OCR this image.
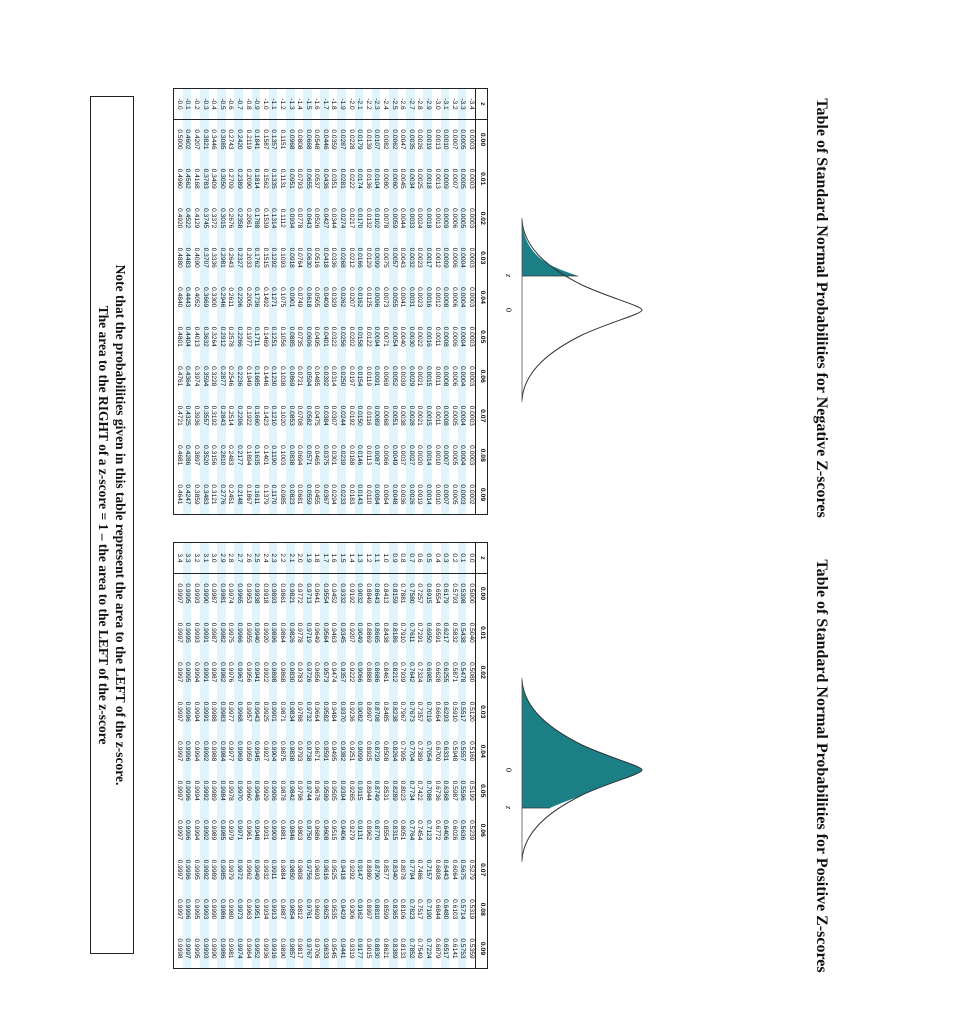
Table of Standard Normal Probabilities for Negative Z-scores
Table of Standard Normal Probabilities for Positive Z-scores
z
0
0
z
z	0.00	0.01	0.02	0.03	0.04	0.05	0.06	0.07	0.08	0.09
-3.4	0.0003	0.0003	0.0003	0.0003	0.0003	0.0003	0.0003	0.0003	0.0003	0.0002
-3.3	0.0005	0.0005	0.0005	0.0004	0.0004	0.0004	0.0004	0.0004	0.0004	0.0003
-3.2	0.0007	0.0007	0.0006	0.0006	0.0006	0.0006	0.0006	0.0005	0.0005	0.0005
-3.1	0.0010	0.0009	0.0009	0.0009	0.0008	0.0008	0.0008	0.0008	0.0007	0.0007
-3.0	0.0013	0.0013	0.0013	0.0012	0.0012	0.0011	0.0011	0.0011	0.0010	0.0010
-2.9	0.0019	0.0018	0.0018	0.0017	0.0016	0.0016	0.0015	0.0015	0.0014	0.0014
-2.8	0.0026	0.0025	0.0024	0.0023	0.0023	0.0022	0.0021	0.0021	0.0020	0.0019
-2.7	0.0035	0.0034	0.0033	0.0032	0.0031	0.0030	0.0029	0.0028	0.0027	0.0026
-2.6	0.0047	0.0045	0.0044	0.0043	0.0041	0.0040	0.0039	0.0038	0.0037	0.0036
-2.5	0.0062	0.0060	0.0059	0.0057	0.0055	0.0054	0.0052	0.0051	0.0049	0.0048
-2.4	0.0082	0.0080	0.0078	0.0075	0.0073	0.0071	0.0069	0.0068	0.0066	0.0064
-2.3	0.0107	0.0104	0.0102	0.0099	0.0096	0.0094	0.0091	0.0089	0.0087	0.0084
-2.2	0.0139	0.0136	0.0132	0.0129	0.0125	0.0122	0.0119	0.0116	0.0113	0.0110
-2.1	0.0179	0.0174	0.0170	0.0166	0.0162	0.0158	0.0154	0.0150	0.0146	0.0143
-2.0	0.0228	0.0222	0.0217	0.0212	0.0207	0.0202	0.0197	0.0192	0.0188	0.0183
-1.9	0.0287	0.0281	0.0274	0.0268	0.0262	0.0256	0.0250	0.0244	0.0239	0.0233
-1.8	0.0359	0.0351	0.0344	0.0336	0.0329	0.0322	0.0314	0.0307	0.0301	0.0294
-1.7	0.0446	0.0436	0.0427	0.0418	0.0409	0.0401	0.0392	0.0384	0.0375	0.0367
-1.6	0.0548	0.0537	0.0526	0.0516	0.0505	0.0495	0.0485	0.0475	0.0465	0.0455
-1.5	0.0668	0.0655	0.0643	0.0630	0.0618	0.0606	0.0594	0.0582	0.0571	0.0559
-1.4	0.0808	0.0793	0.0778	0.0764	0.0749	0.0735	0.0721	0.0708	0.0694	0.0681
-1.3	0.0968	0.0951	0.0934	0.0918	0.0901	0.0885	0.0869	0.0853	0.0838	0.0823
-1.2	0.1151	0.1131	0.1112	0.1093	0.1075	0.1056	0.1038	0.1020	0.1003	0.0985
-1.1	0.1357	0.1335	0.1314	0.1292	0.1271	0.1251	0.1230	0.1210	0.1190	0.1170
-1.0	0.1587	0.1562	0.1539	0.1515	0.1492	0.1469	0.1446	0.1423	0.1401	0.1379
-0.9	0.1841	0.1814	0.1788	0.1762	0.1736	0.1711	0.1685	0.1660	0.1635	0.1611
-0.8	0.2119	0.2090	0.2061	0.2033	0.2005	0.1977	0.1949	0.1922	0.1894	0.1867
-0.7	0.2420	0.2389	0.2358	0.2327	0.2296	0.2266	0.2236	0.2206	0.2177	0.2148
-0.6	0.2743	0.2709	0.2676	0.2643	0.2611	0.2578	0.2546	0.2514	0.2483	0.2451
-0.5	0.3085	0.3050	0.3015	0.2981	0.2946	0.2912	0.2877	0.2843	0.2810	0.2776
-0.4	0.3446	0.3409	0.3372	0.3336	0.3300	0.3264	0.3228	0.3192	0.3156	0.3121
-0.3	0.3821	0.3783	0.3745	0.3707	0.3669	0.3632	0.3594	0.3557	0.3520	0.3483
-0.2	0.4207	0.4168	0.4129	0.4090	0.4052	0.4013	0.3974	0.3936	0.3897	0.3859
-0.1	0.4602	0.4562	0.4522	0.4483	0.4443	0.4404	0.4364	0.4325	0.4286	0.4247
-0.0	0.5000	0.4960	0.4920	0.4880	0.4840	0.4801	0.4761	0.4721	0.4681	0.4641
z	0.00	0.01	0.02	0.03	0.04	0.05	0.06	0.07	0.08	0.09
0.0	0.5000	0.5040	0.5080	0.5120	0.5160	0.5199	0.5239	0.5279	0.5319	0.5359
0.1	0.5398	0.5438	0.5478	0.5517	0.5557	0.5596	0.5636	0.5675	0.5714	0.5753
0.2	0.5793	0.5832	0.5871	0.5910	0.5948	0.5987	0.6026	0.6064	0.6103	0.6141
0.3	0.6179	0.6217	0.6255	0.6293	0.6331	0.6368	0.6406	0.6443	0.6480	0.6517
0.4	0.6554	0.6591	0.6628	0.6664	0.6700	0.6736	0.6772	0.6808	0.6844	0.6879
0.5	0.6915	0.6950	0.6985	0.7019	0.7054	0.7088	0.7123	0.7157	0.7190	0.7224
0.6	0.7257	0.7291	0.7324	0.7357	0.7389	0.7422	0.7454	0.7486	0.7517	0.7549
0.7	0.7580	0.7611	0.7642	0.7673	0.7704	0.7734	0.7764	0.7794	0.7823	0.7852
0.8	0.7881	0.7910	0.7939	0.7967	0.7995	0.8023	0.8051	0.8078	0.8106	0.8133
0.9	0.8159	0.8186	0.8212	0.8238	0.8264	0.8289	0.8315	0.8340	0.8365	0.8389
1.0	0.8413	0.8438	0.8461	0.8485	0.8508	0.8531	0.8554	0.8577	0.8599	0.8621
1.1	0.8643	0.8665	0.8686	0.8708	0.8729	0.8749	0.8770	0.8790	0.8810	0.8830
1.2	0.8849	0.8869	0.8888	0.8907	0.8925	0.8944	0.8962	0.8980	0.8997	0.9015
1.3	0.9032	0.9049	0.9066	0.9082	0.9099	0.9115	0.9131	0.9147	0.9162	0.9177
1.4	0.9192	0.9207	0.9222	0.9236	0.9251	0.9265	0.9279	0.9292	0.9306	0.9319
1.5	0.9332	0.9345	0.9357	0.9370	0.9382	0.9394	0.9406	0.9418	0.9429	0.9441
1.6	0.9452	0.9463	0.9474	0.9484	0.9495	0.9505	0.9515	0.9525	0.9535	0.9545
1.7	0.9554	0.9564	0.9573	0.9582	0.9591	0.9599	0.9608	0.9616	0.9625	0.9633
1.8	0.9641	0.9649	0.9656	0.9664	0.9671	0.9678	0.9686	0.9693	0.9699	0.9706
1.9	0.9713	0.9719	0.9726	0.9732	0.9738	0.9744	0.9750	0.9756	0.9761	0.9767
2.0	0.9772	0.9778	0.9783	0.9788	0.9793	0.9798	0.9803	0.9808	0.9812	0.9817
2.1	0.9821	0.9826	0.9830	0.9834	0.9838	0.9842	0.9846	0.9850	0.9854	0.9857
2.2	0.9861	0.9864	0.9868	0.9871	0.9875	0.9878	0.9881	0.9884	0.9887	0.9890
2.3	0.9893	0.9896	0.9898	0.9901	0.9904	0.9906	0.9909	0.9911	0.9913	0.9916
2.4	0.9918	0.9920	0.9922	0.9925	0.9927	0.9929	0.9931	0.9932	0.9934	0.9936
2.5	0.9938	0.9940	0.9941	0.9943	0.9945	0.9946	0.9948	0.9949	0.9951	0.9952
2.6	0.9953	0.9955	0.9956	0.9957	0.9959	0.9960	0.9961	0.9962	0.9963	0.9964
2.7	0.9965	0.9966	0.9967	0.9968	0.9969	0.9970	0.9971	0.9972	0.9973	0.9974
2.8	0.9974	0.9975	0.9976	0.9977	0.9977	0.9978	0.9979	0.9979	0.9980	0.9981
2.9	0.9981	0.9982	0.9982	0.9983	0.9984	0.9984	0.9985	0.9985	0.9986	0.9986
3.0	0.9987	0.9987	0.9987	0.9988	0.9988	0.9989	0.9989	0.9989	0.9990	0.9990
3.1	0.9990	0.9991	0.9991	0.9991	0.9992	0.9992	0.9992	0.9992	0.9993	0.9993
3.2	0.9993	0.9993	0.9994	0.9994	0.9994	0.9994	0.9994	0.9995	0.9995	0.9995
3.3	0.9995	0.9995	0.9995	0.9996	0.9996	0.9996	0.9996	0.9996	0.9996	0.9997
3.4	0.9997	0.9997	0.9997	0.9997	0.9997	0.9997	0.9997	0.9997	0.9997	0.9998
Note that the probabilities given in this table represent the area to the LEFT of the z-score.
The area to the RIGHT of a z-score = 1 – the area to the LEFT of the z-score
